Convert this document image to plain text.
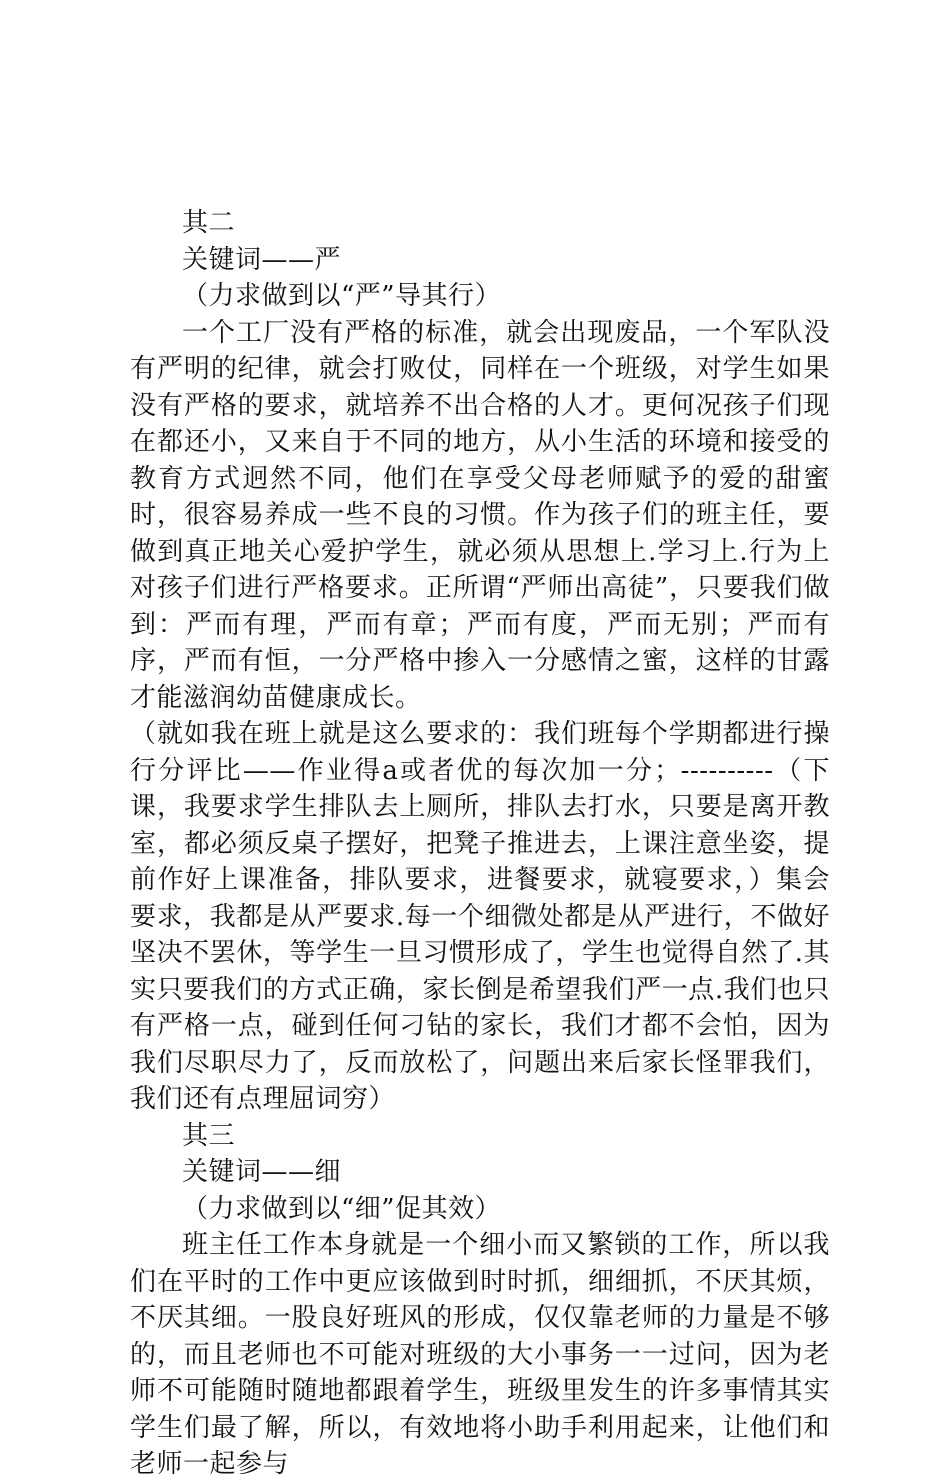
其二

关键词——严

（力求做到以“严”导其行）

一个工厂没有严格的标准，就会出现废品，一个军队没有严明的纪律，就会打败仗，同样在一个班级，对学生如果没有严格的要求，就培养不出合格的人才。更何况孩子们现在都还小，又来自于不同的地方，从小生活的环境和接受的教育方式迥然不同，他们在享受父母老师赋予的爱的甜蜜时，很容易养成一些不良的习惯。作为孩子们的班主任，要做到真正地关心爱护学生，就必须从思想上.学习上.行为上对孩子们进行严格要求。正所谓“严师出高徒”，只要我们做到：严而有理，严而有章；严而有度，严而无别；严而有序，严而有恒，一分严格中掺入一分感情之蜜，这样的甘露才能滋润幼苗健康成长。

（就如我在班上就是这么要求的：我们班每个学期都进行操行分评比——作业得a或者优的每次加一分；----------（下课，我要求学生排队去上厕所，排队去打水，只要是离开教室，都必须反桌子摆好，把凳子推进去，上课注意坐姿，提前作好上课准备，排队要求，进餐要求，就寝要求，）集会要求，我都是从严要求.每一个细微处都是从严进行，不做好坚决不罢休，等学生一旦习惯形成了，学生也觉得自然了.其实只要我们的方式正确，家长倒是希望我们严一点.我们也只有严格一点，碰到任何刁钻的家长，我们才都不会怕，因为我们尽职尽力了，反而放松了，问题出来后家长怪罪我们，我们还有点理屈词穷）

其三

关键词——细

（力求做到以“细”促其效）

班主任工作本身就是一个细小而又繁锁的工作，所以我们在平时的工作中更应该做到时时抓，细细抓，不厌其烦，不厌其细。一股良好班风的形成，仅仅靠老师的力量是不够的，而且老师也不可能对班级的大小事务一一过问，因为老师不可能随时随地都跟着学生，班级里发生的许多事情其实学生们最了解，所以，有效地将小助手利用起来，让他们和老师一起参与
